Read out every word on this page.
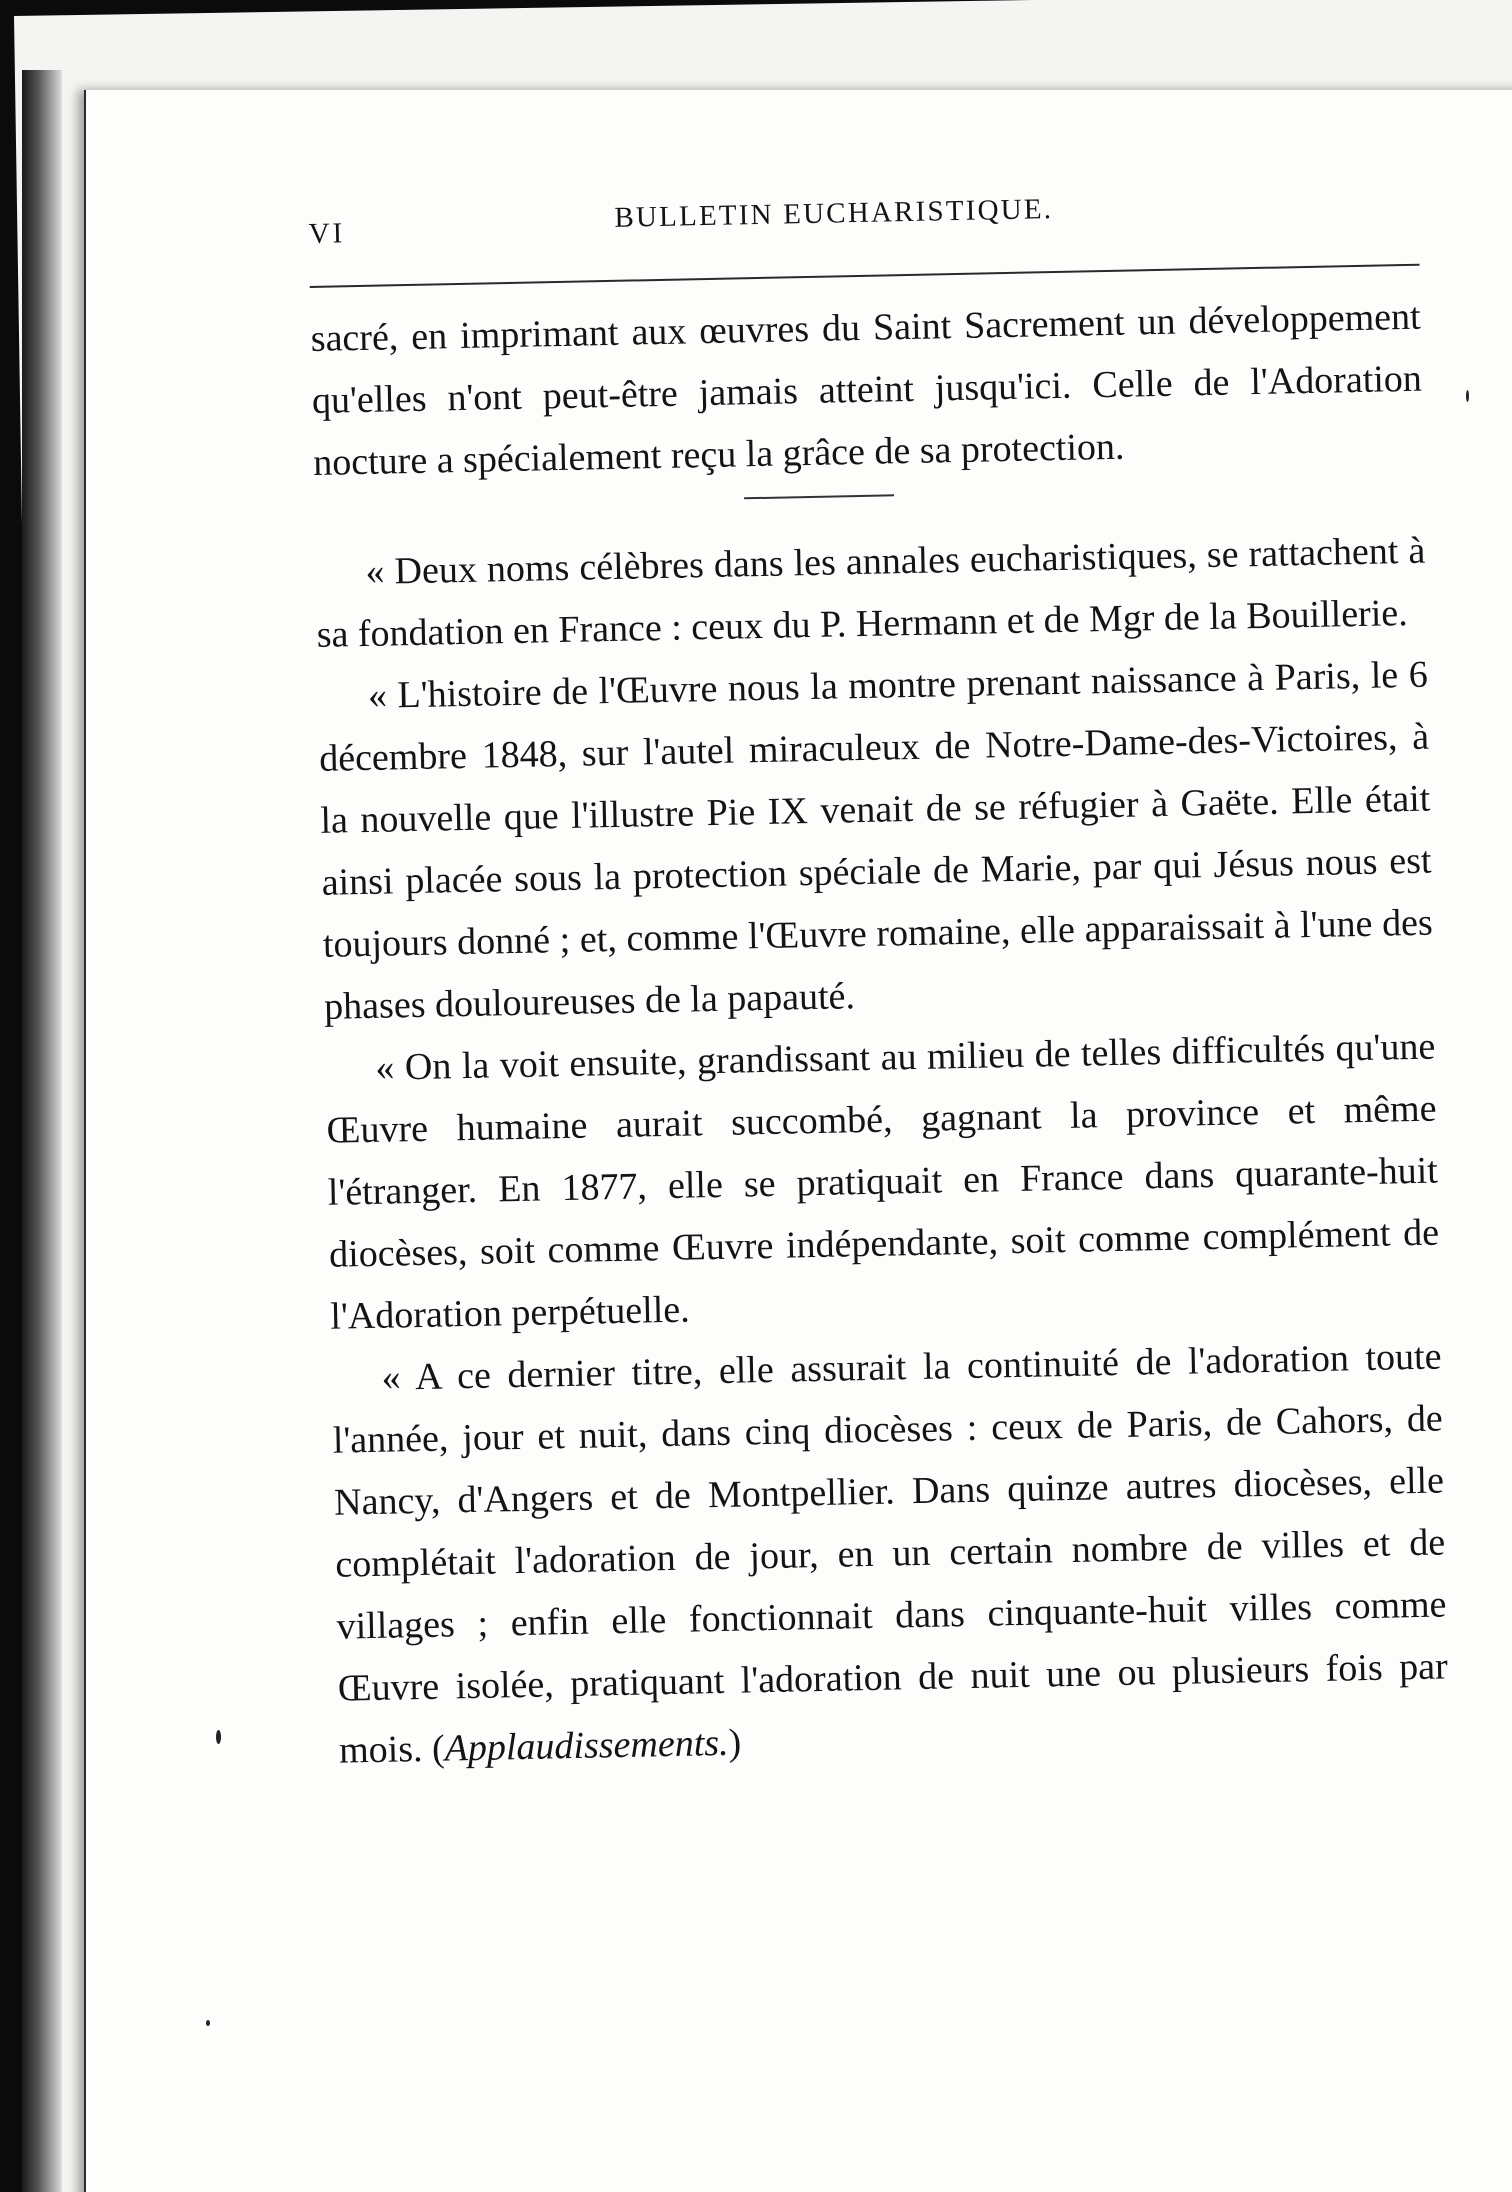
VI	BULLETIN EUCHARISTIQUE.

sacré, en imprimant aux œuvres du Saint Sacrement un développement qu'elles n'ont peut-être jamais atteint jusqu'ici. Celle de l'Adoration nocture a spécialement reçu la grâce de sa protection.

« Deux noms célèbres dans les annales eucharistiques, se rattachent à sa fondation en France : ceux du P. Hermann et de Mgr de la Bouillerie.

« L'histoire de l'Œuvre nous la montre prenant naissance à Paris, le 6 décembre 1848, sur l'autel miraculeux de Notre-Dame-des-Victoires, à la nouvelle que l'illustre Pie IX venait de se réfugier à Gaëte. Elle était ainsi placée sous la protection spéciale de Marie, par qui Jésus nous est toujours donné ; et, comme l'Œuvre romaine, elle apparaissait à l'une des phases douloureuses de la papauté.

« On la voit ensuite, grandissant au milieu de telles difficultés qu'une Œuvre humaine aurait succombé, gagnant la province et même l'étranger. En 1877, elle se pratiquait en France dans quarante-huit diocèses, soit comme Œuvre indépendante, soit comme complément de l'Adoration perpétuelle.

« A ce dernier titre, elle assurait la continuité de l'adoration toute l'année, jour et nuit, dans cinq diocèses : ceux de Paris, de Cahors, de Nancy, d'Angers et de Montpellier. Dans quinze autres diocèses, elle complétait l'adoration de jour, en un certain nombre de villes et de villages ; enfin elle fonctionnait dans cinquante-huit villes comme Œuvre isolée, pratiquant l'adoration de nuit une ou plusieurs fois par mois. (Applaudissements.)
